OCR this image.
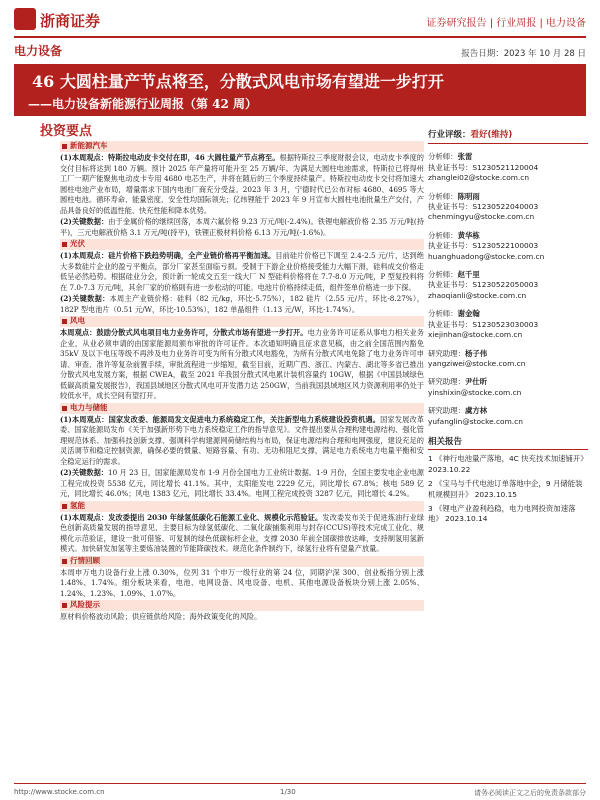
浙商证券	证券研究报告 | 行业周报 | 电力设备
电力设备	报告日期：2023 年 10 月 28 日
46 大圆柱量产节点将至，分散式风电市场有望进一步打开
——电力设备新能源行业周报（第 42 周）
投资要点
新能源汽车

(1)本周观点：特斯拉电动皮卡交付在即，46 大圆柱量产节点将至。根据特斯拉三季度财报会议，电动皮卡季度的交付目标将达到 180 万辆。预计 2025 年产量将可能升至 25 万辆/年。为满足大圆柱电池需求，特斯拉已将得州工厂一期产能聚焦电动皮卡专用 4680 电芯生产，并将在随后的三个季度持续量产。特斯拉电动皮卡交付将加速大圆柱电池产业布局，增量需求下国内电池厂商充分受益。2023 年 3 月，宁德时代已公布对标 4680、4695 等大圆柱电池。循环寿命、能量密度、安全性均国际领先；亿纬锂能于 2023 年 9 月宣布大圆柱电池批量生产交付，产品具备良好的低温性能、快充性能和降本优势。

(2)关键数据：由于金属价格的继续回落，本周六氟价格 9.23 万元/吨(-2.4%)。铁锂电解液价格 2.35 万元/吨(持平)，三元电解液价格 3.1 万元/吨(持平)，铁锂正极材料价格 6.13 万元/吨(-1.6%)。

光伏

(1)本周观点：硅片价格下跌趋势明确，全产业链价格再平衡加速。目前硅片价格已下调至 2.4-2.5 元/片，达到绝大多数硅片企业的盈亏平衡点，部分厂家甚至面临亏损。受制于下游企业价格接受能力大幅下滑，硅料成交价格走低呈必然趋势。根据硅业分会，预计新一轮成交五至一线大厂 N 型硅料价格将在 7.7-8.0 万元/吨，P 型复投料将在 7.0-7.3 万元/吨，其余厂家的价格則有进一步松动的可能。电池片价格持续走低，组件签单价格进一步下探。

(2)关键数据：本周主产业链价格：硅料（82 元/kg，环比-5.75%），182 硅片（2.55 元/片，环比-8.27%），182P 型电池片（0.51 元/W，环比-10.53%），182 单晶组件（1.13 元/W，环比-1.74%）。

风电

本周观点：鼓励分散式风电项目电力业务许可，分散式市场有望进一步打开。电力业务许可证系从事电力相关业务企业，从业必须申请的由国家能源局颁布审批的许可证件。本次通知明确且征求意见稿，由之前全国范围内豁免 35kV 及以下电压等级不再涉及电力业务许可变为所有分散式风电豁免，为所有分散式风电免除了电力业务许可申请、审查、准许等复杂前置手续，审批流程进一步缩短，截至目前，近期广西、浙江、内蒙古、湖北等多省已推出分散式风电发展方案，根据 CWEA，截至 2021 年我国分散式风电累计装机容量约 10GW，根据《中国县域绿色低碳高质量发展报告》，我国县域地区分散式风电可开发潜力达 250GW，当前我国县域地区风力资源利用率仍处于较低水平，成长空间有望打开。

电力与储能

(1)本周观点：国家发改委、能源局发文促进电力系统稳定工作，关注新型电力系统建设投资机遇。国家发展改革委、国家能源局发布《关于加强新形势下电力系统稳定工作的指导意见》。文件提出要从合理构建电源结构、强化管理规范体系、加强科技创新支撑、强调科学构建源网荷储结构与布局，保证电源结构合理和电网强度，建设充足的灵活调节和稳定控制资源，确保必要的惯量、短路容量、有功、无功和阻尼支撑，满足电力系统电力电量平衡和安全稳定运行的需求。

(2)关键数据：10 月 23 日，国家能源局发布 1-9 月份全国电力工业统计数据。1-9 月份，全国主要发电企业电源工程完成投资 5538 亿元，同比增长 41.1%。其中，太阳能发电 2229 亿元，同比增长 67.8%；核电 589 亿元，同比增长 46.0%；风电 1383 亿元，同比增长 33.4%。电网工程完成投资 3287 亿元，同比增长 4.2%。

氢能

(1)本周观点：发改委提出 2030 年绿氢低碳化石能源工业化、规模化示范验证。发改委发布关于促进炼油行业绿色创新高质量发展的指导意见，主要目标为绿氢低碳化、二氧化碳捕集利用与封存(CCUS)等技术完成工业化、规模化示范验证，建设一批可借鉴、可复制的绿色低碳标杆企业，支撑 2030 年前全国碳排放达峰，支持制氢用氢新模式。加快研发加氢等主要炼油装置的节能降碳技术。规范化条件制约下，绿氢行业将有望量产放量。

行情回顾

本周申万电力设备行业上涨 0.30%，位列 31 个申万一级行业的第 24 位，同期沪深 300、创业板指分别上涨 1.48%、1.74%。细分板块来看，电池、电网设备、风电设备、电机、其他电源设备板块分别上涨 2.05%、1.24%、1.23%、1.09%、1.07%。

风险提示

原材料价格波动风险；供应链供给风险；海外政策变化的风险。

行业评级：看好(维持)
分析师：张雷
执业证书号：S1230521120004
zhanglei02@stocke.com.cn
分析师：陈明雨
执业证书号：S1230522040003
chenmingyu@stocke.com.cn
分析师：黄华栋
执业证书号：S1230522100003
huanghuadong@stocke.com.cn
分析师：赵千里
执业证书号：S1230522050003
zhaoqianli@stocke.com.cn
分析师：谢金翰
执业证书号：S1230523030003
xiejinhan@stocke.com.cn
研究助理：杨子伟
yangziwei@stocke.com.cn
研究助理：尹仕昕
yinshixin@stocke.com.cn
研究助理：虞方林
yufanglin@stocke.com.cn
相关报告
1 《神行电池量产落地，4C 快充技术加速铺开》 2023.10.22
2 《宝马与千代电池订单落地中企，9 月储能装机规模回升》 2023.10.15
3 《锂电产业盈利趋稳，电力电网投资加速落地》 2023.10.14
http://www.stocke.com.cn	1/30	请务必阅读正文之后的免责条款部分
